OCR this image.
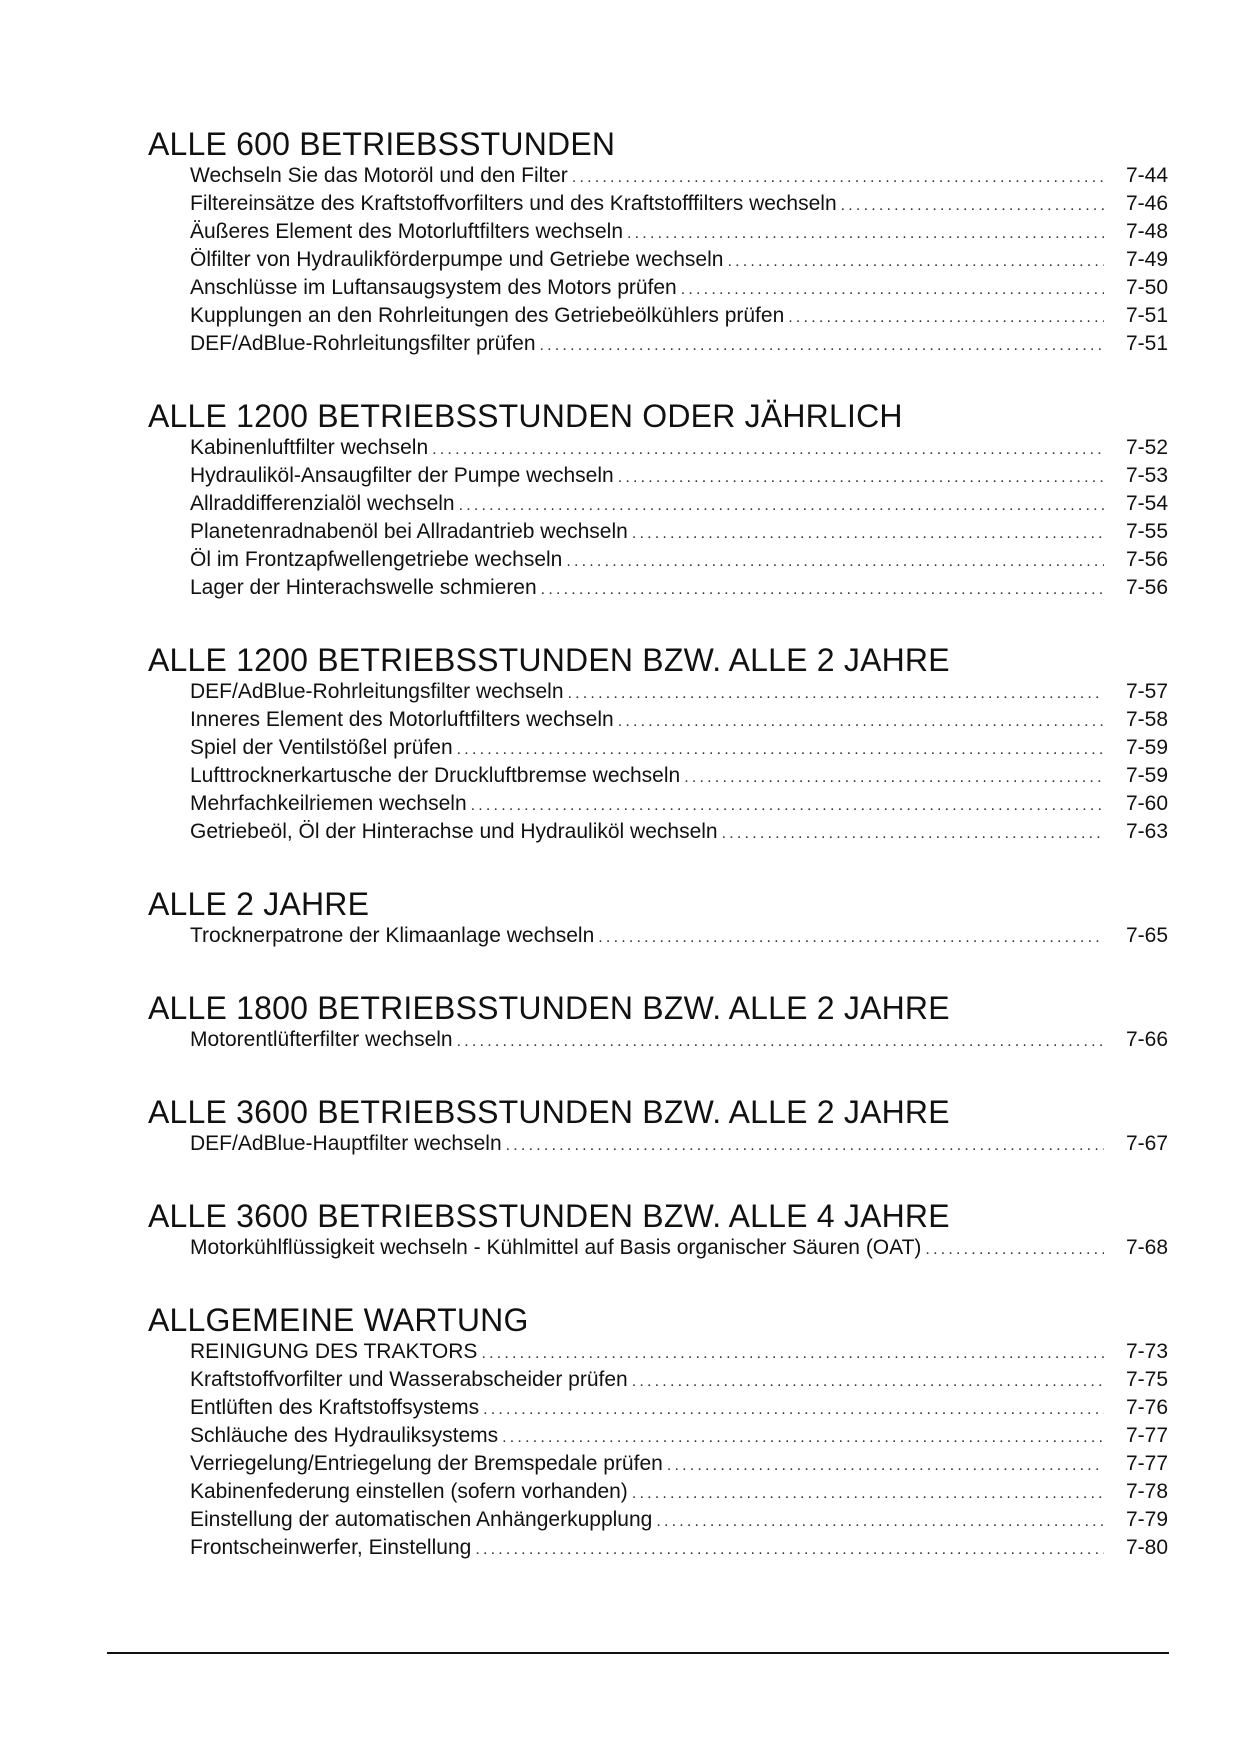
ALLE 600 BETRIEBSSTUNDEN
Wechseln Sie das Motoröl und den Filter .....	7-44
Filtereinsätze des Kraftstoffvorfilters und des Kraftstofffilters wechseln .....	7-46
Äußeres Element des Motorluftfilters wechseln .....	7-48
Ölfilter von Hydraulikförderpumpe und Getriebe wechseln .....	7-49
Anschlüsse im Luftansaugsystem des Motors prüfen .....	7-50
Kupplungen an den Rohrleitungen des Getriebeölkühlers prüfen .....	7-51
DEF/AdBlue-Rohrleitungsfilter prüfen .....	7-51
ALLE 1200 BETRIEBSSTUNDEN ODER JÄHRLICH
Kabinenluftfilter wechseln .....	7-52
Hydrauliköl-Ansaugfilter der Pumpe wechseln .....	7-53
Allraddifferenzialöl wechseln .....	7-54
Planetenradnabenöl bei Allradantrieb wechseln .....	7-55
Öl im Frontzapfwellengetriebe wechseln .....	7-56
Lager der Hinterachswelle schmieren .....	7-56
ALLE 1200 BETRIEBSSTUNDEN BZW. ALLE 2 JAHRE
DEF/AdBlue-Rohrleitungsfilter wechseln .....	7-57
Inneres Element des Motorluftfilters wechseln .....	7-58
Spiel der Ventilstößel prüfen .....	7-59
Lufttrocknerkartusche der Druckluftbremse wechseln .....	7-59
Mehrfachkeilriemen wechseln .....	7-60
Getriebeöl, Öl der Hinterachse und Hydrauliköl wechseln .....	7-63
ALLE 2 JAHRE
Trocknerpatrone der Klimaanlage wechseln .....	7-65
ALLE 1800 BETRIEBSSTUNDEN BZW. ALLE 2 JAHRE
Motorentlüfterfilter wechseln .....	7-66
ALLE 3600 BETRIEBSSTUNDEN BZW. ALLE 2 JAHRE
DEF/AdBlue-Hauptfilter wechseln .....	7-67
ALLE 3600 BETRIEBSSTUNDEN BZW. ALLE 4 JAHRE
Motorkühlflüssigkeit wechseln - Kühlmittel auf Basis organischer Säuren (OAT) .....	7-68
ALLGEMEINE WARTUNG
REINIGUNG DES TRAKTORS .....	7-73
Kraftstoffvorfilter und Wasserabscheider prüfen .....	7-75
Entlüften des Kraftstoffsystems .....	7-76
Schläuche des Hydrauliksystems .....	7-77
Verriegelung/Entriegelung der Bremspedale prüfen .....	7-77
Kabinenfederung einstellen (sofern vorhanden) .....	7-78
Einstellung der automatischen Anhängerkupplung .....	7-79
Frontscheinwerfer, Einstellung .....	7-80
